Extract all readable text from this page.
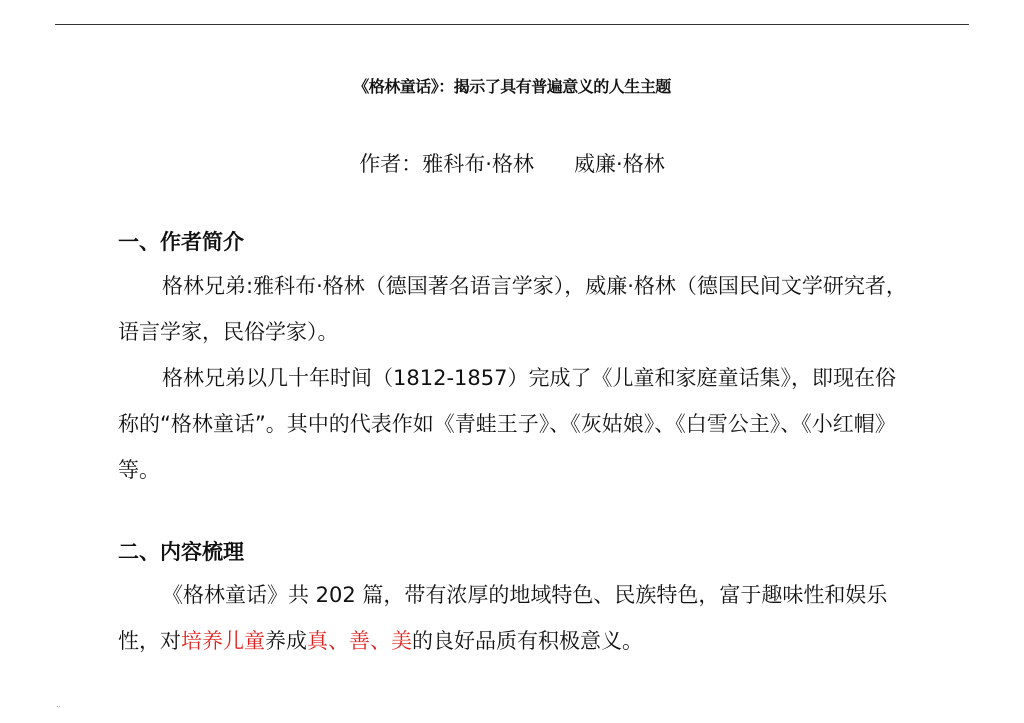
《格林童话》：揭示了具有普遍意义的人生主题
作者：雅科布·格林      威廉·格林
一、作者简介

格林兄弟:雅科布·格林（德国著名语言学家），威廉·格林（德国民间文学研究者，语言学家，民俗学家）。

格林兄弟以几十年时间（1812-1857）完成了《儿童和家庭童话集》，即现在俗称的“格林童话”。其中的代表作如《青蛙王子》、《灰姑娘》、《白雪公主》、《小红帽》等。

二、内容梳理

《格林童话》共 202 篇，带有浓厚的地域特色、民族特色，富于趣味性和娱乐性，对培养儿童养成真、善、美的良好品质有积极意义。

..
